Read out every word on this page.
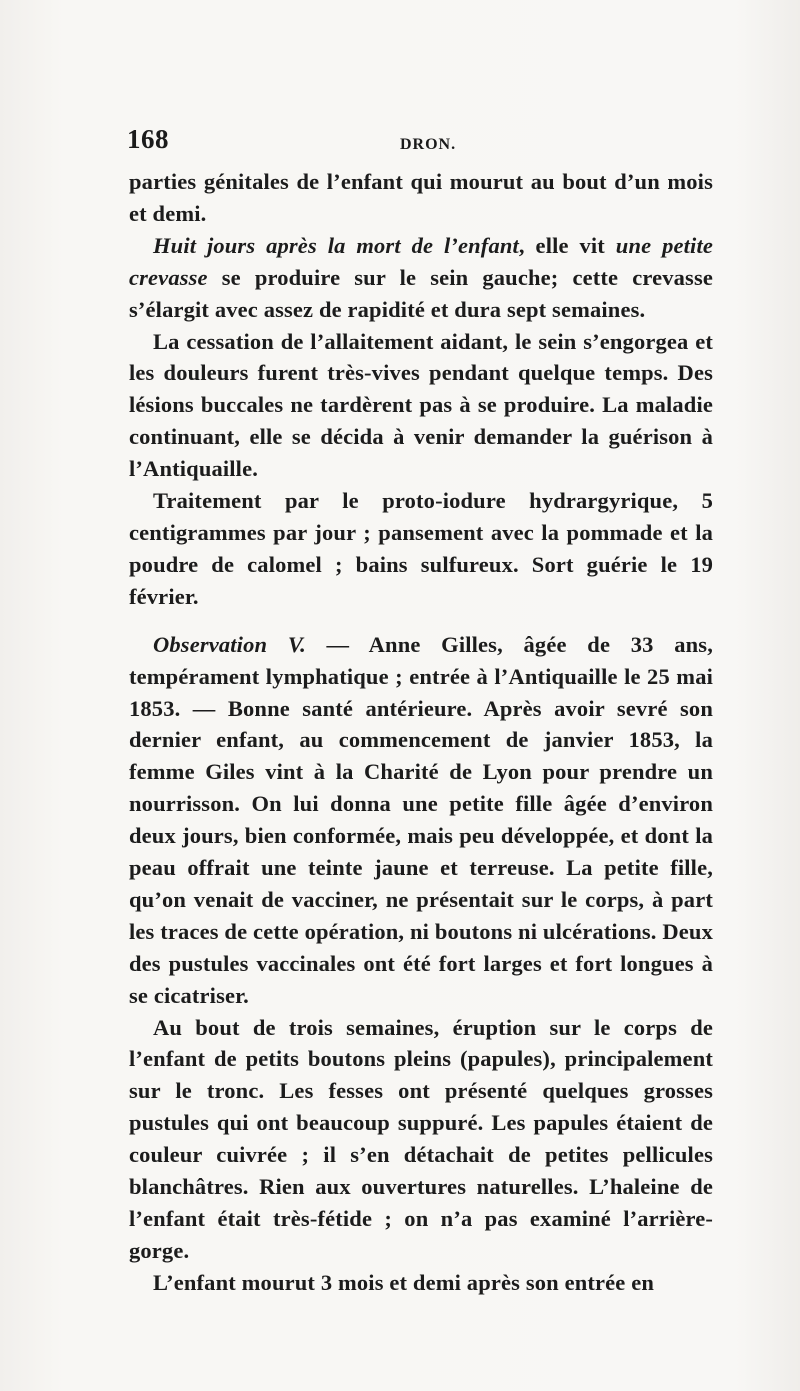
168	DRON.

parties génitales de l’enfant qui mourut au bout d’un mois et demi.

Huit jours après la mort de l’enfant, elle vit une petite crevasse se produire sur le sein gauche; cette crevasse s’élargit avec assez de rapidité et dura sept semaines.

La cessation de l’allaitement aidant, le sein s’engorgea et les douleurs furent très-vives pendant quelque temps. Des lésions buccales ne tardèrent pas à se produire. La maladie continuant, elle se décida à venir demander la guérison à l’Antiquaille.

Traitement par le proto-iodure hydrargyrique, 5 centigrammes par jour ; pansement avec la pommade et la poudre de calomel ; bains sulfureux. Sort guérie le 19 février.

Observation V. — Anne Gilles, âgée de 33 ans, tempérament lymphatique ; entrée à l’Antiquaille le 25 mai 1853. — Bonne santé antérieure. Après avoir sevré son dernier enfant, au commencement de janvier 1853, la femme Giles vint à la Charité de Lyon pour prendre un nourrisson. On lui donna une petite fille âgée d’environ deux jours, bien conformée, mais peu développée, et dont la peau offrait une teinte jaune et terreuse. La petite fille, qu’on venait de vacciner, ne présentait sur le corps, à part les traces de cette opération, ni boutons ni ulcérations. Deux des pustules vaccinales ont été fort larges et fort longues à se cicatriser.

Au bout de trois semaines, éruption sur le corps de l’enfant de petits boutons pleins (papules), principalement sur le tronc. Les fesses ont présenté quelques grosses pustules qui ont beaucoup suppuré. Les papules étaient de couleur cuivrée ; il s’en détachait de petites pellicules blanchâtres. Rien aux ouvertures naturelles. L’haleine de l’enfant était très-fétide ; on n’a pas examiné l’arrière-gorge.

L’enfant mourut 3 mois et demi après son entrée en
